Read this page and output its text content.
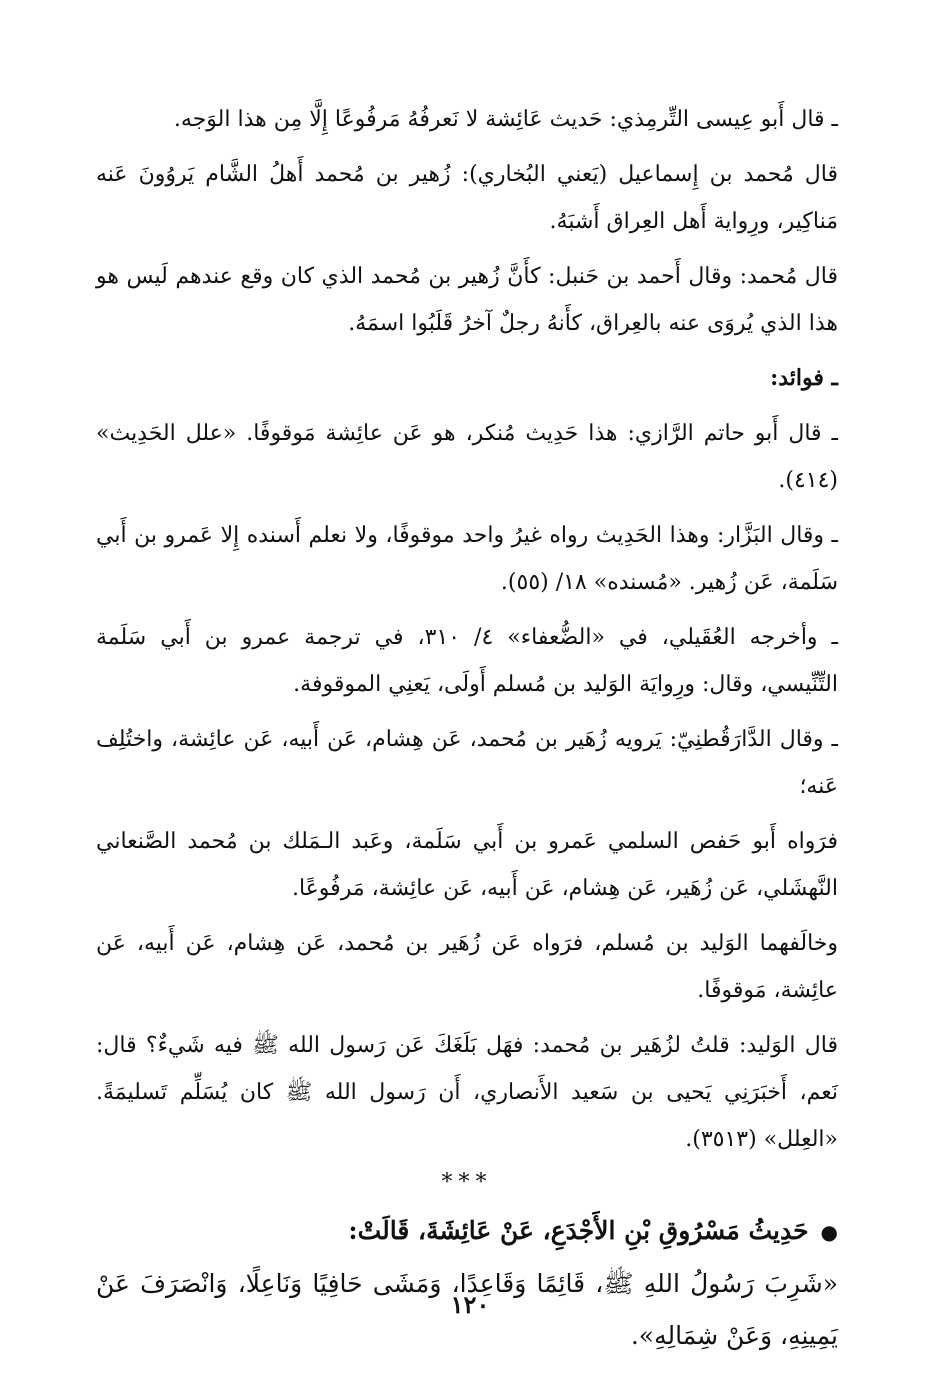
ـ قال أَبو عِيسى التِّرمِذي: حَديث عَائِشة لا نَعرفُهُ مَرفُوعًا إِلَّا مِن هذا الوَجه.

قال مُحمد بن إِسماعيل (يَعني البُخاري): زُهير بن مُحمد أَهلُ الشَّام يَروُونَ عَنه مَناكِير، ورِواية أَهل العِراق أَشبَهُ.

قال مُحمد: وقال أَحمد بن حَنبل: كأَنَّ زُهير بن مُحمد الذي كان وقع عندهم لَيس هو هذا الذي يُروَى عنه بالعِراق، كأَنهُ رجلٌ آخرُ قَلَبُوا اسمَهُ.

ـ فوائد:

ـ قال أَبو حاتم الرَّازي: هذا حَدِيث مُنكر، هو عَن عائِشة مَوقوفًا. «علل الحَدِيث» (٤١٤).

ـ وقال البَزَّار: وهذا الحَدِيث رواه غيرُ واحد موقوفًا، ولا نعلم أَسنده إِلا عَمرو بن أَبي سَلَمة، عَن زُهير. «مُسنده» ١٨/ (٥٥).

ـ وأخرجه العُقَيلي، في «الضُّعفاء» ٤/ ٣١٠، في ترجمة عمرو بن أَبي سَلَمة التِّنِّيسي، وقال: ورِوايَة الوَليد بن مُسلم أَولَى، يَعنِي الموقوفة.

ـ وقال الدَّارَقُطنِيّ: يَرويه زُهَير بن مُحمد، عَن هِشام، عَن أَبيه، عَن عائِشة، واختُلِف عَنه؛

فرَواه أَبو حَفص السلمي عَمرو بن أَبي سَلَمة، وعَبد الـمَلك بن مُحمد الصَّنعاني النَّهشَلي، عَن زُهَير، عَن هِشام، عَن أَبيه، عَن عائِشة، مَرفُوعًا.

وخالَفهما الوَليد بن مُسلم، فرَواه عَن زُهَير بن مُحمد، عَن هِشام، عَن أَبيه، عَن عائِشة، مَوقوفًا.

قال الوَليد: قلتُ لزُهَير بن مُحمد: فهَل بَلَغَكَ عَن رَسول الله ﷺ فيه شَيءٌ؟ قال: نَعم، أَخبَرَنِي يَحيى بن سَعيد الأَنصاري، أَن رَسول الله ﷺ كان يُسَلِّم تَسليمَةً. «العِلل» (٣٥١٣).

***

●حَدِيثُ مَسْرُوقِ بْنِ الأَجْدَعِ، عَنْ عَائِشَةَ، قَالَتْ:

«شَرِبَ رَسُولُ اللهِ ﷺ، قَائِمًا وَقَاعِدًا، وَمَشَى حَافِيًا وَنَاعِلًا، وَانْصَرَفَ عَنْ يَمِينِهِ، وَعَنْ شِمَالِهِ».

١٢٠
